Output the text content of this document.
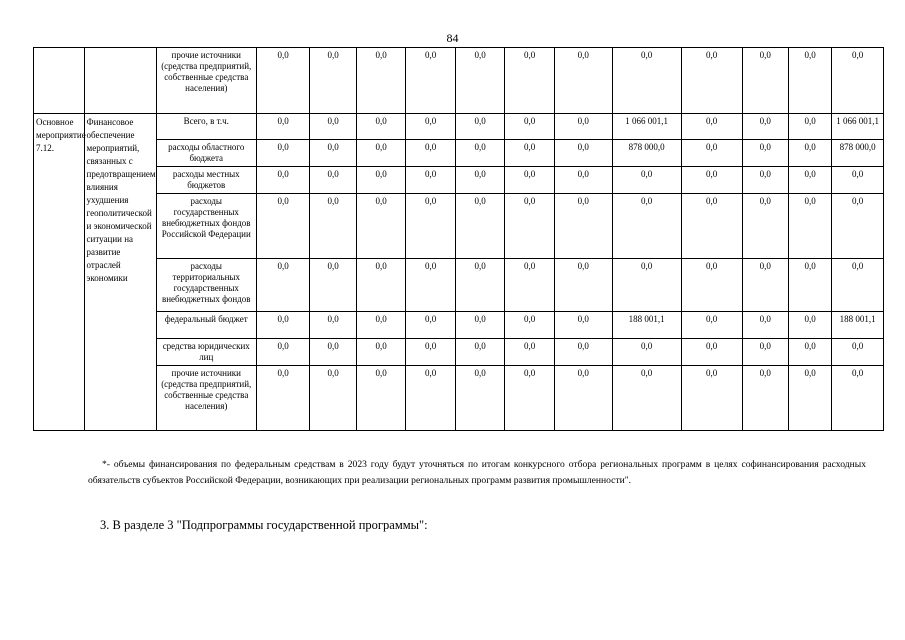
84
		прочие источники (средства предприятий, собственные средства населения)	0,0	0,0	0,0	0,0	0,0	0,0	0,0	0,0	0,0	0,0	0,0	0,0
Основное мероприятие 7.12.	Финансовое обеспечение мероприятий, связанных с предотвращением влияния ухудшения геополитической и экономической ситуации на развитие отраслей экономики	Всего, в т.ч.	0,0	0,0	0,0	0,0	0,0	0,0	0,0	1 066 001,1	0,0	0,0	0,0	1 066 001,1
		расходы областного бюджета	0,0	0,0	0,0	0,0	0,0	0,0	0,0	878 000,0	0,0	0,0	0,0	878 000,0
		расходы местных бюджетов	0,0	0,0	0,0	0,0	0,0	0,0	0,0	0,0	0,0	0,0	0,0	0,0
		расходы государственных внебюджетных фондов Российской Федерации	0,0	0,0	0,0	0,0	0,0	0,0	0,0	0,0	0,0	0,0	0,0	0,0
		расходы территориальных государственных внебюджетных фондов	0,0	0,0	0,0	0,0	0,0	0,0	0,0	0,0	0,0	0,0	0,0	0,0
		федеральный бюджет	0,0	0,0	0,0	0,0	0,0	0,0	0,0	188 001,1	0,0	0,0	0,0	188 001,1
		средства юридических лиц	0,0	0,0	0,0	0,0	0,0	0,0	0,0	0,0	0,0	0,0	0,0	0,0
		прочие источники (средства предприятий, собственные средства населения)	0,0	0,0	0,0	0,0	0,0	0,0	0,0	0,0	0,0	0,0	0,0	0,0
*- объемы финансирования по федеральным средствам в 2023 году будут уточняться по итогам конкурсного отбора региональных программ в целях софинансирования расходных обязательств субъектов Российской Федерации, возникающих при реализации региональных программ развития промышленности".
3. В разделе 3 "Подпрограммы государственной программы":
